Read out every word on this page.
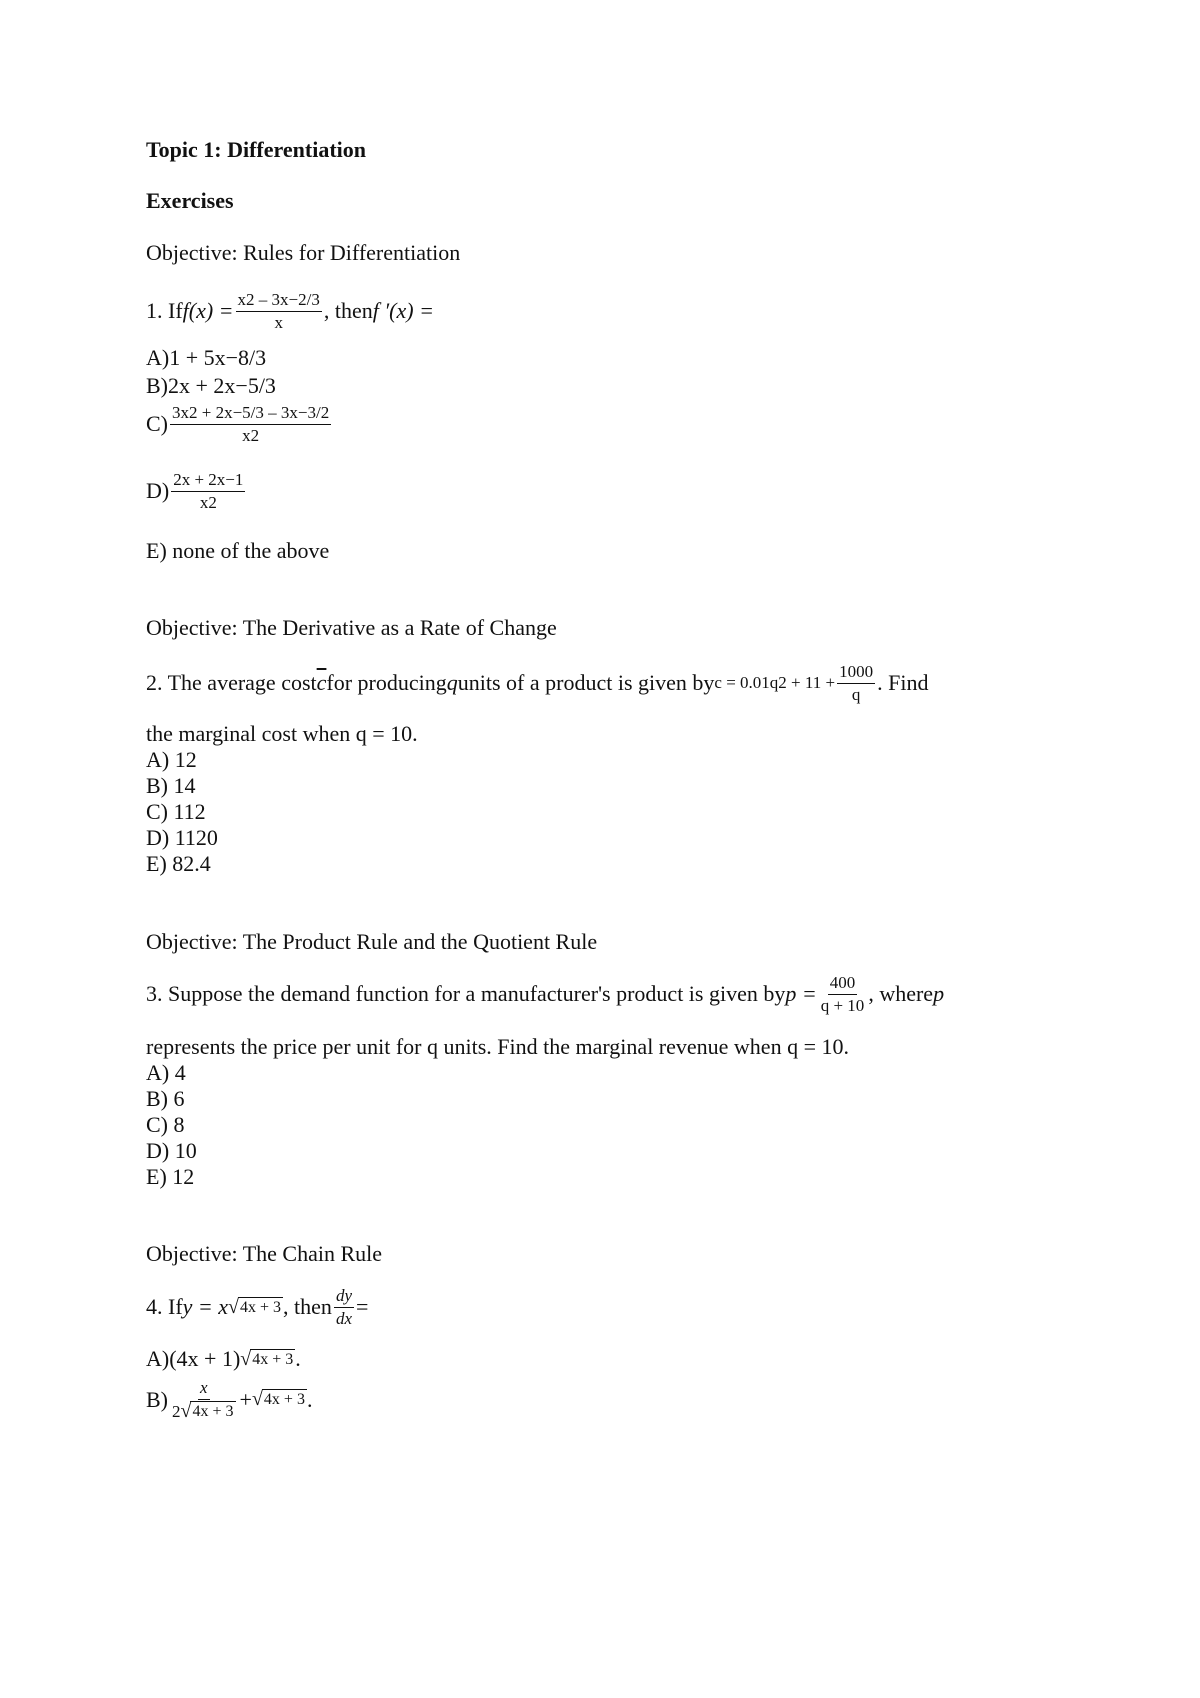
Topic 1: Differentiation
Exercises
Objective: Rules for Differentiation
1. If $f(x) = \frac{x2 - 3x-2/3}{x}$ , then f ′(x) =
A) 1 + 5x−8/3
B) 2x + 2x−5/3
$C) \frac{3x2 + 2x-5/3 - 3x-3/2}{x2}$
$D) \frac{2x + 2x-1}{x2}$
E) none of the above
Objective: The Derivative as a Rate of Change
2. The average cost $\overline{c}$ for producing q units of a product is given by $c = 0.01q2 + 11 + \frac{1000}{q}$ . Find
the marginal cost when q = 10.
A) 12
B) 14
C) 112
D) 1120
E) 82.4
Objective: The Product Rule and the Quotient Rule
3. Suppose the demand function for a manufacturer's product is given by $p = \frac{400}{q + 10}$ , where p
represents the price per unit for q units. Find the marginal revenue when q = 10.
A) 4
B) 6
C) 8
D) 10
E) 12
Objective: The Chain Rule
4. If y = x √ 4x + 3 , then $\frac{dy}{dx}$ =
A) (4x + 1) √ 4x + 3 .
$B) \frac{x}{2 √ 4x + 3}$ + √ 4x + 3 .
